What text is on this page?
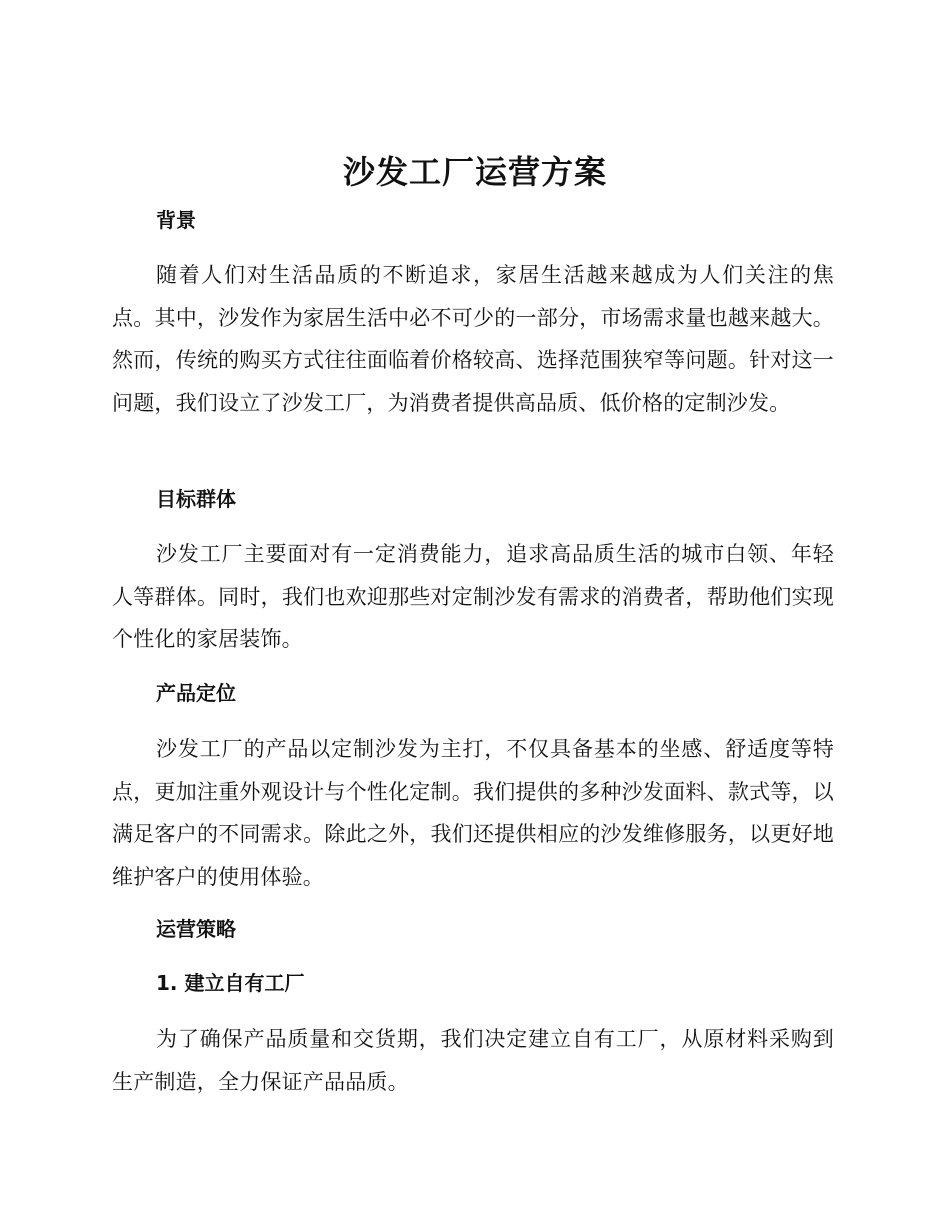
沙发工厂运营方案
背景

随着人们对生活品质的不断追求，家居生活越来越成为人们关注的焦点。其中，沙发作为家居生活中必不可少的一部分，市场需求量也越来越大。然而，传统的购买方式往往面临着价格较高、选择范围狭窄等问题。针对这一问题，我们设立了沙发工厂，为消费者提供高品质、低价格的定制沙发。

目标群体

沙发工厂主要面对有一定消费能力，追求高品质生活的城市白领、年轻人等群体。同时，我们也欢迎那些对定制沙发有需求的消费者，帮助他们实现个性化的家居装饰。

产品定位

沙发工厂的产品以定制沙发为主打，不仅具备基本的坐感、舒适度等特点，更加注重外观设计与个性化定制。我们提供的多种沙发面料、款式等，以满足客户的不同需求。除此之外，我们还提供相应的沙发维修服务，以更好地维护客户的使用体验。

运营策略
1. 建立自有工厂

为了确保产品质量和交货期，我们决定建立自有工厂，从原材料采购到生产制造，全力保证产品品质。
